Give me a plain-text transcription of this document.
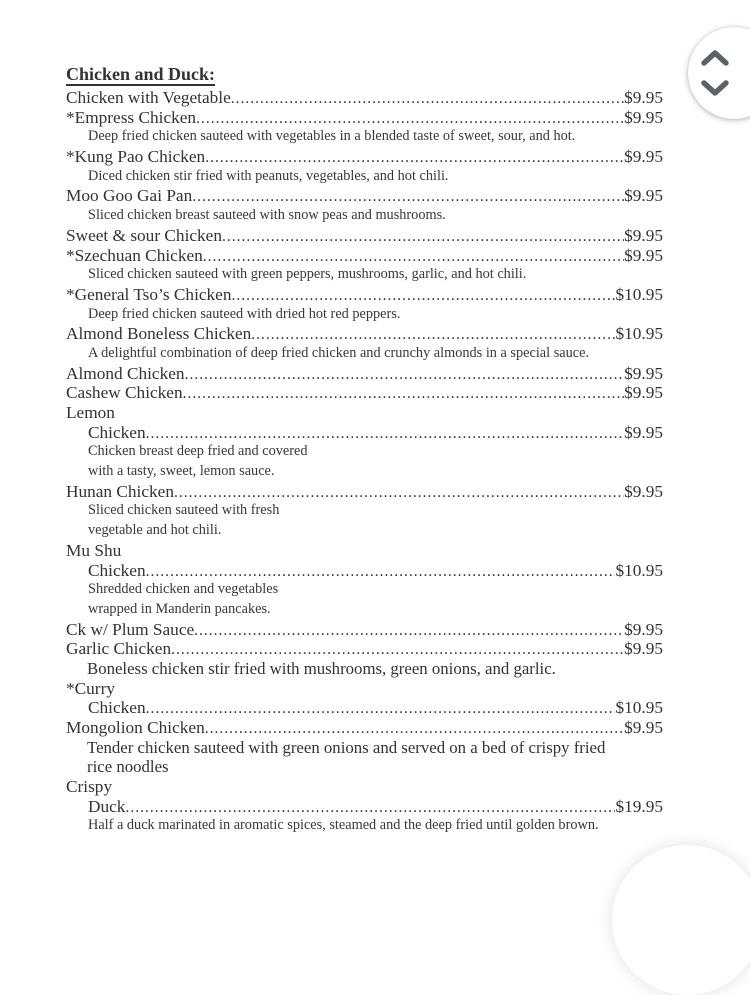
Chicken and Duck:
Chicken with Vegetable .....	$9.95
*Empress Chicken .....	$9.95
Deep fried chicken sauteed with vegetables in a blended taste of sweet, sour, and hot.
*Kung Pao Chicken .....	$9.95
Diced chicken stir fried with peanuts, vegetables, and hot chili.
Moo Goo Gai Pan .....	$9.95
Sliced chicken breast sauteed with snow peas and mushrooms.
Sweet & sour Chicken .....	$9.95
*Szechuan Chicken .....	$9.95
Sliced chicken sauteed with green peppers, mushrooms, garlic, and hot chili.
*General Tso’s Chicken .....	$10.95
Deep fried chicken sauteed with dried hot red peppers.
Almond Boneless Chicken .....	$10.95
A delightful combination of deep fried chicken and crunchy almonds in a special sauce.
Almond Chicken .....	$9.95
Cashew Chicken .....	$9.95
Lemon
Chicken .....	$9.95
Chicken breast deep fried and covered
with a tasty, sweet, lemon sauce.
Hunan Chicken .....	$9.95
Sliced chicken sauteed with fresh
vegetable and hot chili.
Mu Shu
Chicken .....	$10.95
Shredded chicken and vegetables
wrapped in Manderin pancakes.
Ck w/ Plum Sauce .....	$9.95
Garlic Chicken .....	$9.95
Boneless chicken stir fried with mushrooms, green onions, and garlic.
*Curry
Chicken .....	$10.95
Mongolion Chicken .....	$9.95
Tender chicken sauteed with green onions and served on a bed of crispy fried
rice noodles
Crispy
Duck .....	$19.95
Half a duck marinated in aromatic spices, steamed and the deep fried until golden brown.
